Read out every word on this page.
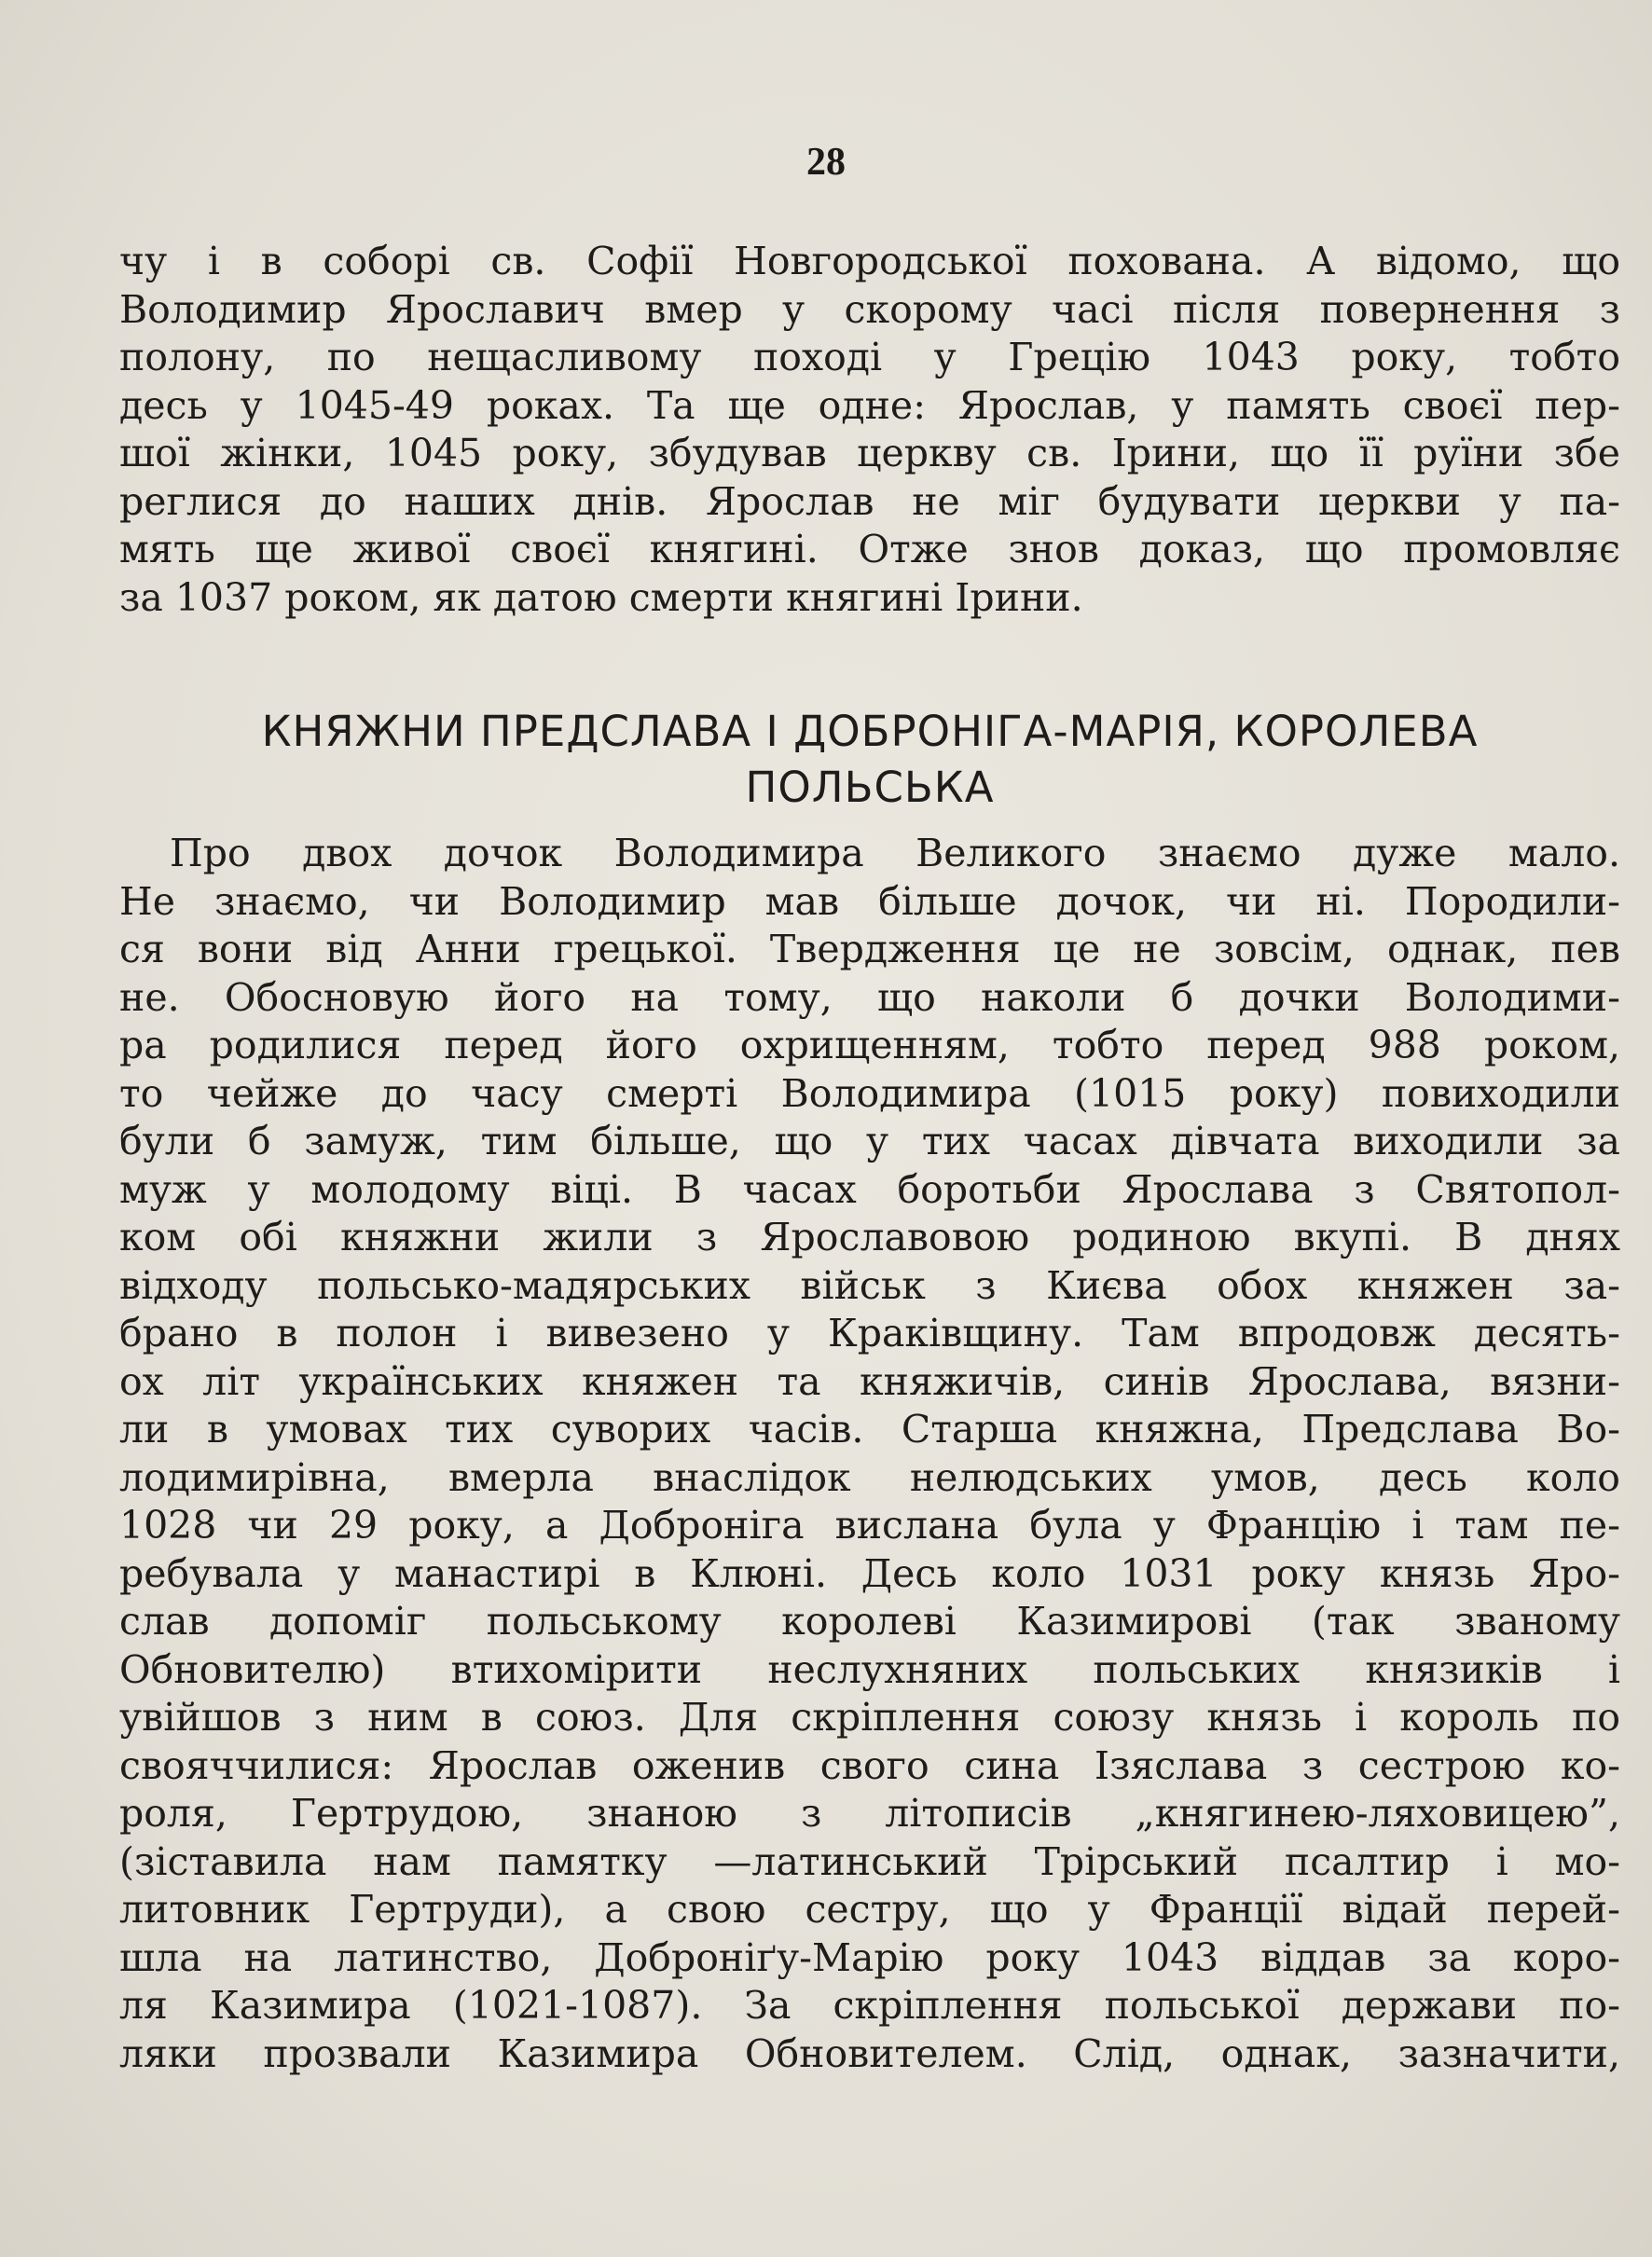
28
чу і в соборі св. Софії Новгородської похована. А відомо, що
Володимир Ярославич вмер у скорому часі після повернення з
полону, по нещасливому поході у Грецію 1043 року, тобто
десь у 1045-49 роках. Та ще одне: Ярослав, у память своєї пер-
шої жінки, 1045 року, збудував церкву св. Ірини, що її руїни збе
реглися до наших днів. Ярослав не міг будувати церкви у па-
мять ще живої своєї княгині. Отже знов доказ, що промовляє
за 1037 роком, як датою смерти княгині Ірини.
КНЯЖНИ ПРЕДСЛАВА І ДОБРОНІГА-МАРІЯ, КОРОЛЕВА
ПОЛЬСЬКА
Про двох дочок Володимира Великого знаємо дуже мало.
Не знаємо, чи Володимир мав більше дочок, чи ні. Породили-
ся вони від Анни грецької. Твердження це не зовсім, однак, пев
не. Обосновую його на тому, що наколи б дочки Володими-
ра родилися перед його охрищенням, тобто перед 988 роком,
то чейже до часу смерті Володимира (1015 року) повиходили
були б замуж, тим більше, що у тих часах дівчата виходили за
муж у молодому віці. В часах боротьби Ярослава з Святопол-
ком обі княжни жили з Ярославовою родиною вкупі. В днях
відходу польсько-мадярських військ з Києва обох княжен за-
брано в полон і вивезено у Краківщину. Там впродовж десять-
ох літ українських княжен та княжичів, синів Ярослава, вязни-
ли в умовах тих суворих часів. Старша княжна, Предслава Во-
лодимирівна, вмерла внаслідок нелюдських умов, десь коло
1028 чи 29 року, а Доброніга вислана була у Францію і там пе-
ребувала у манастирі в Клюні. Десь коло 1031 року князь Яро-
слав допоміг польському королеві Казимирові (так званому
Обновителю) втихомірити неслухняних польських князиків і
увійшов з ним в союз. Для скріплення союзу князь і король по
свояччилися: Ярослав оженив свого сина Ізяслава з сестрою ко-
роля, Гертрудою, знаною з літописів „княгинею-ляховицею”,
(зіставила нам памятку —латинський Трірський псалтир і мо-
литовник Гертруди), а свою сестру, що у Франції відай перей-
шла на латинство, Доброніґу-Марію року 1043 віддав за коро-
ля Казимира (1021-1087). За скріплення польської держави по-
ляки прозвали Казимира Обновителем. Слід, однак, зазначити,
